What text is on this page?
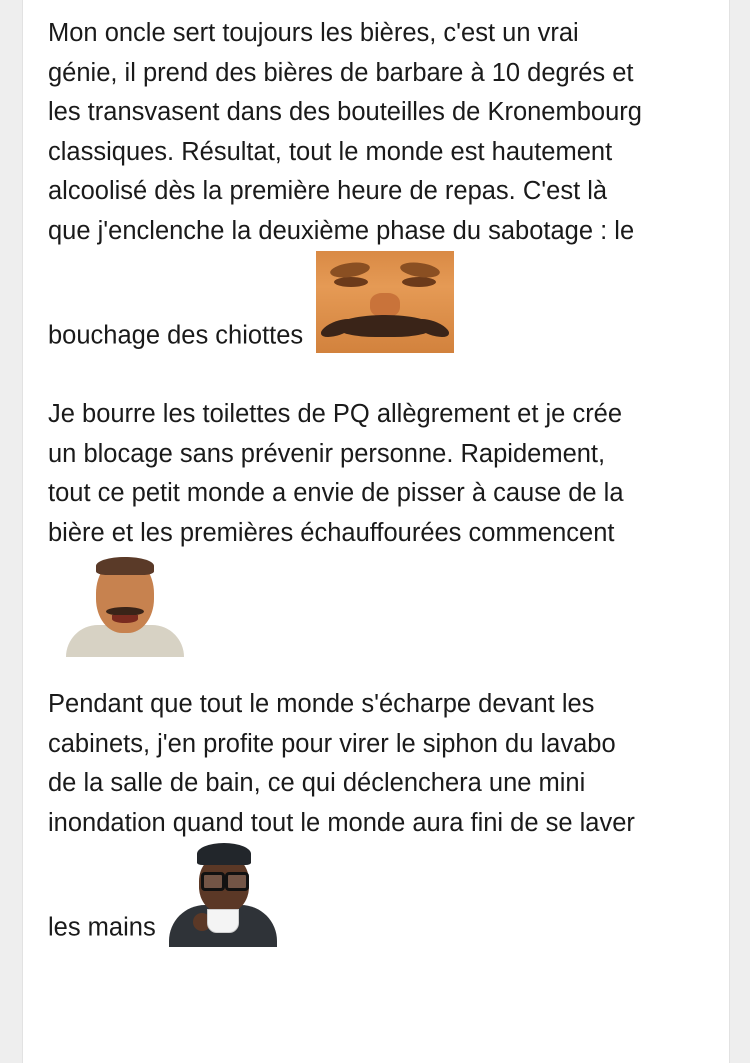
Mon oncle sert toujours les bières, c'est un vrai
génie, il prend des bières de barbare à 10 degrés et
les transvasent dans des bouteilles de Kronembourg
classiques. Résultat, tout le monde est hautement
alcoolisé dès la première heure de repas. C'est là
que j'enclenche la deuxième phase du sabotage : le
bouchage des chiottes

Je bourre les toilettes de PQ allègrement et je crée
un blocage sans prévenir personne. Rapidement,
tout ce petit monde a envie de pisser à cause de la
bière et les premières échauffourées commencent

Pendant que tout le monde s'écharpe devant les
cabinets, j'en profite pour virer le siphon du lavabo
de la salle de bain, ce qui déclenchera une mini
inondation quand tout le monde aura fini de se laver
les mains
